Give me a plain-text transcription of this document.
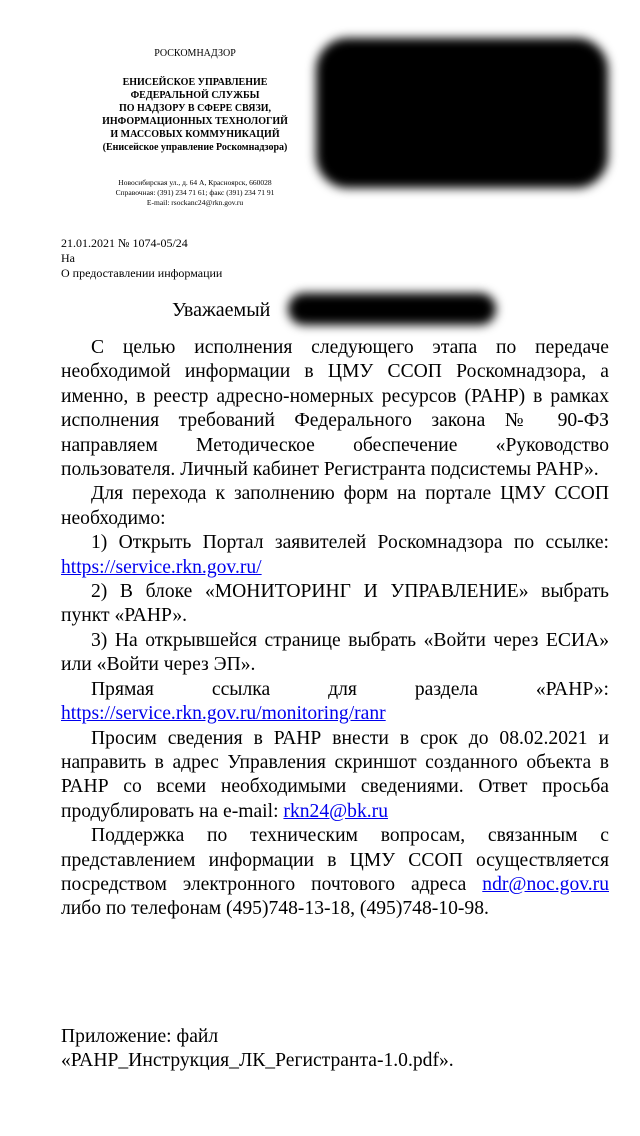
РОСКОМНАДЗОР
ЕНИСЕЙСКОЕ УПРАВЛЕНИЕ
ФЕДЕРАЛЬНОЙ СЛУЖБЫ
ПО НАДЗОРУ В СФЕРЕ СВЯЗИ,
ИНФОРМАЦИОННЫХ ТЕХНОЛОГИЙ
И МАССОВЫХ КОММУНИКАЦИЙ
(Енисейское управление Роскомнадзора)
Новосибирская ул., д. 64 А, Красноярск, 660028
Справочная: (391) 234 71 61; факс (391) 234 71 91
E-mail: rsockanc24@rkn.gov.ru
21.01.2021 № 1074-05/24
На
О предоставлении информации
Уважаемый

С целью исполнения следующего этапа по передаче необходимой информации в ЦМУ ССОП Роскомнадзора, а именно, в реестр адресно-номерных ресурсов (РАНР) в рамках исполнения требований Федерального закона № 90-ФЗ направляем Методическое обеспечение «Руководство пользователя. Личный кабинет Регистранта подсистемы РАНР».

Для перехода к заполнению форм на портале ЦМУ ССОП необходимо:

1) Открыть Портал заявителей Роскомнадзора по ссылке: https://service.rkn.gov.ru/

2) В блоке «МОНИТОРИНГ И УПРАВЛЕНИЕ» выбрать пункт «РАНР».

3) На открывшейся странице выбрать «Войти через ЕСИА» или «Войти через ЭП».

Прямая ссылка для раздела «РАНР»: https://service.rkn.gov.ru/monitoring/ranr

Просим сведения в РАНР внести в срок до 08.02.2021 и направить в адрес Управления скриншот созданного объекта в РАНР со всеми необходимыми сведениями. Ответ просьба продублировать на e-mail: rkn24@bk.ru

Поддержка по техническим вопросам, связанным с представлением информации в ЦМУ ССОП осуществляется посредством электронного почтового адреса ndr@noc.gov.ru либо по телефонам (495)748-13-18, (495)748-10-98.

Приложение: файл
«РАНР_Инструкция_ЛК_Регистранта-1.0.pdf».
